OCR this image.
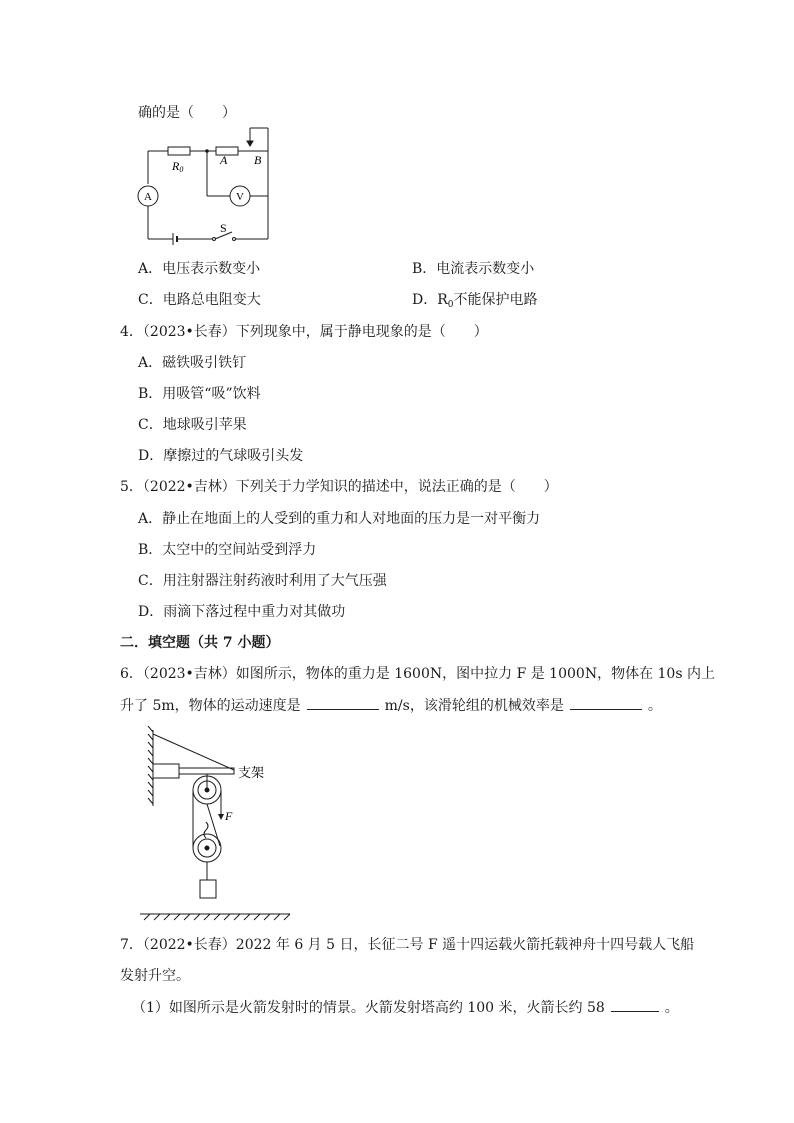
确的是（　　）
R0
A B
A	V
S
A．电压表示数变小	B．电流表示数变小
C．电路总电阻变大	D．$R_0$不能保护电路
4．（2023•长春）下列现象中，属于静电现象的是（　　）
A．磁铁吸引铁钉
B．用吸管“吸”饮料
C．地球吸引苹果
D．摩擦过的气球吸引头发
5．（2022•吉林）下列关于力学知识的描述中，说法正确的是（　　）
A．静止在地面上的人受到的重力和人对地面的压力是一对平衡力
B．太空中的空间站受到浮力
C．用注射器注射药液时利用了大气压强
D．雨滴下落过程中重力对其做功
二．填空题（共 7 小题）
6．（2023•吉林）如图所示，物体的重力是 1600N，图中拉力 F 是 1000N，物体在 10s 内上
升了 5m，物体的运动速度是	m/s，该滑轮组的机械效率是	。
F
支架
7．（2022•长春）2022 年 6 月 5 日，长征二号 F 遥十四运载火箭托载神舟十四号载人飞船
发射升空。
（1）如图所示是火箭发射时的情景。火箭发射塔高约 100 米，火箭长约 58	。
